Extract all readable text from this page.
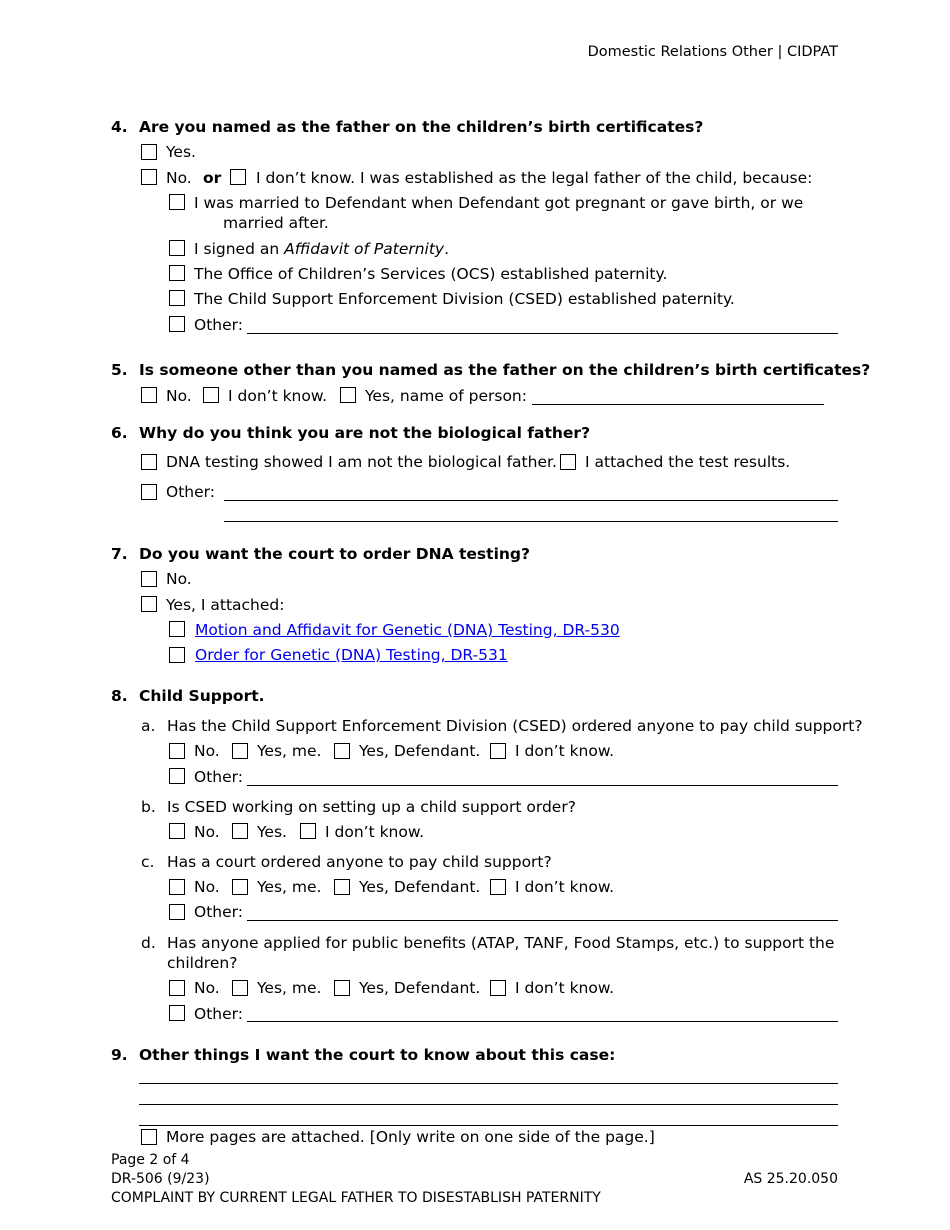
Domestic Relations Other | CIDPAT
4. Are you named as the father on the children’s birth certificates?
Yes.
No. or I don’t know. I was established as the legal father of the child, because:
I was married to Defendant when Defendant got pregnant or gave birth, or we
married after.
I signed an Affidavit of Paternity.
The Office of Children’s Services (OCS) established paternity.
The Child Support Enforcement Division (CSED) established paternity.
Other:
5. Is someone other than you named as the father on the children’s birth certificates?
No. I don’t know. Yes, name of person:
6. Why do you think you are not the biological father?
DNA testing showed I am not the biological father. I attached the test results.
Other:
7. Do you want the court to order DNA testing?
No.
Yes, I attached:
Motion and Affidavit for Genetic (DNA) Testing, DR-530
Order for Genetic (DNA) Testing, DR-531
8. Child Support.
a. Has the Child Support Enforcement Division (CSED) ordered anyone to pay child support?
No. Yes, me. Yes, Defendant. I don’t know.
Other:
b. Is CSED working on setting up a child support order?
No. Yes. I don’t know.
c. Has a court ordered anyone to pay child support?
No. Yes, me. Yes, Defendant. I don’t know.
Other:
d. Has anyone applied for public benefits (ATAP, TANF, Food Stamps, etc.) to support the
children?
No. Yes, me. Yes, Defendant. I don’t know.
Other:
9. Other things I want the court to know about this case:
More pages are attached. [Only write on one side of the page.]
Page 2 of 4
DR-506 (9/23)
COMPLAINT BY CURRENT LEGAL FATHER TO DISESTABLISH PATERNITY
AS 25.20.050
